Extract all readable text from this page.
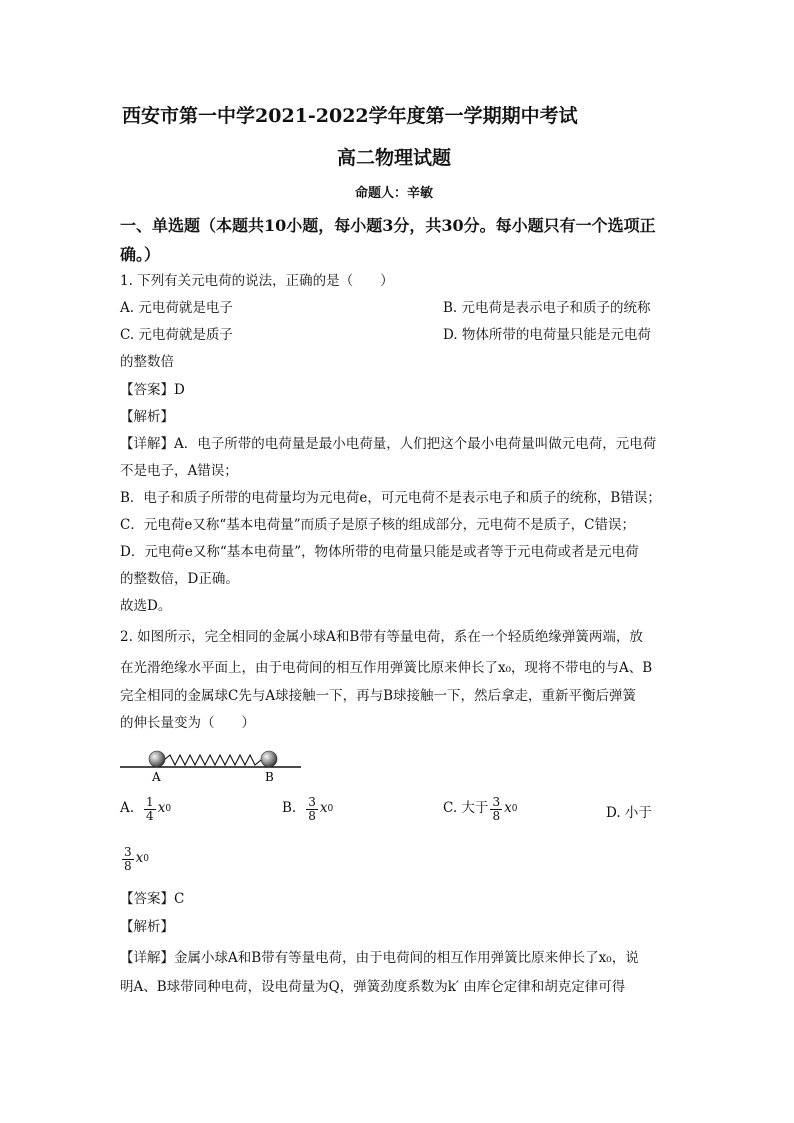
西安市第一中学2021-2022学年度第一学期期中考试
高二物理试题
命题人：辛敏
一、单选题（本题共10小题，每小题3分，共30分。每小题只有一个选项正
确。）
1. 下列有关元电荷的说法，正确的是（　　）
A. 元电荷就是电子	B. 元电荷是表示电子和质子的统称
C. 元电荷就是质子	D. 物体所带的电荷量只能是元电荷
的整数倍
【答案】D
【解析】
【详解】A．电子所带的电荷量是最小电荷量，人们把这个最小电荷量叫做元电荷，元电荷
不是电子，A错误；
B．电子和质子所带的电荷量均为元电荷e，可元电荷不是表示电子和质子的统称，B错误；
C．元电荷e又称“基本电荷量”而质子是原子核的组成部分，元电荷不是质子，C错误；
D．元电荷e又称“基本电荷量”，物体所带的电荷量只能是或者等于元电荷或者是元电荷
的整数倍，D正确。
故选D。
2. 如图所示，完全相同的金属小球A和B带有等量电荷，系在一个轻质绝缘弹簧两端，放
在光滑绝缘水平面上，由于电荷间的相互作用弹簧比原来伸长了x₀，现将不带电的与A、B
完全相同的金属球C先与A球接触一下，再与B球接触一下，然后拿走，重新平衡后弹簧
的伸长量变为（　　）
A	B
A. $\frac{1}{4}$ x 0	B. $\frac{3}{8}$ x 0	C. 大于 $\frac{3}{8}$ x 0	D. 小于
$\frac{3}{8}$ x 0
【答案】C
【解析】
【详解】金属小球A和B带有等量电荷，由于电荷间的相互作用弹簧比原来伸长了x₀，说
明A、B球带同种电荷，设电荷量为Q，弹簧劲度系数为k′ 由库仑定律和胡克定律可得
